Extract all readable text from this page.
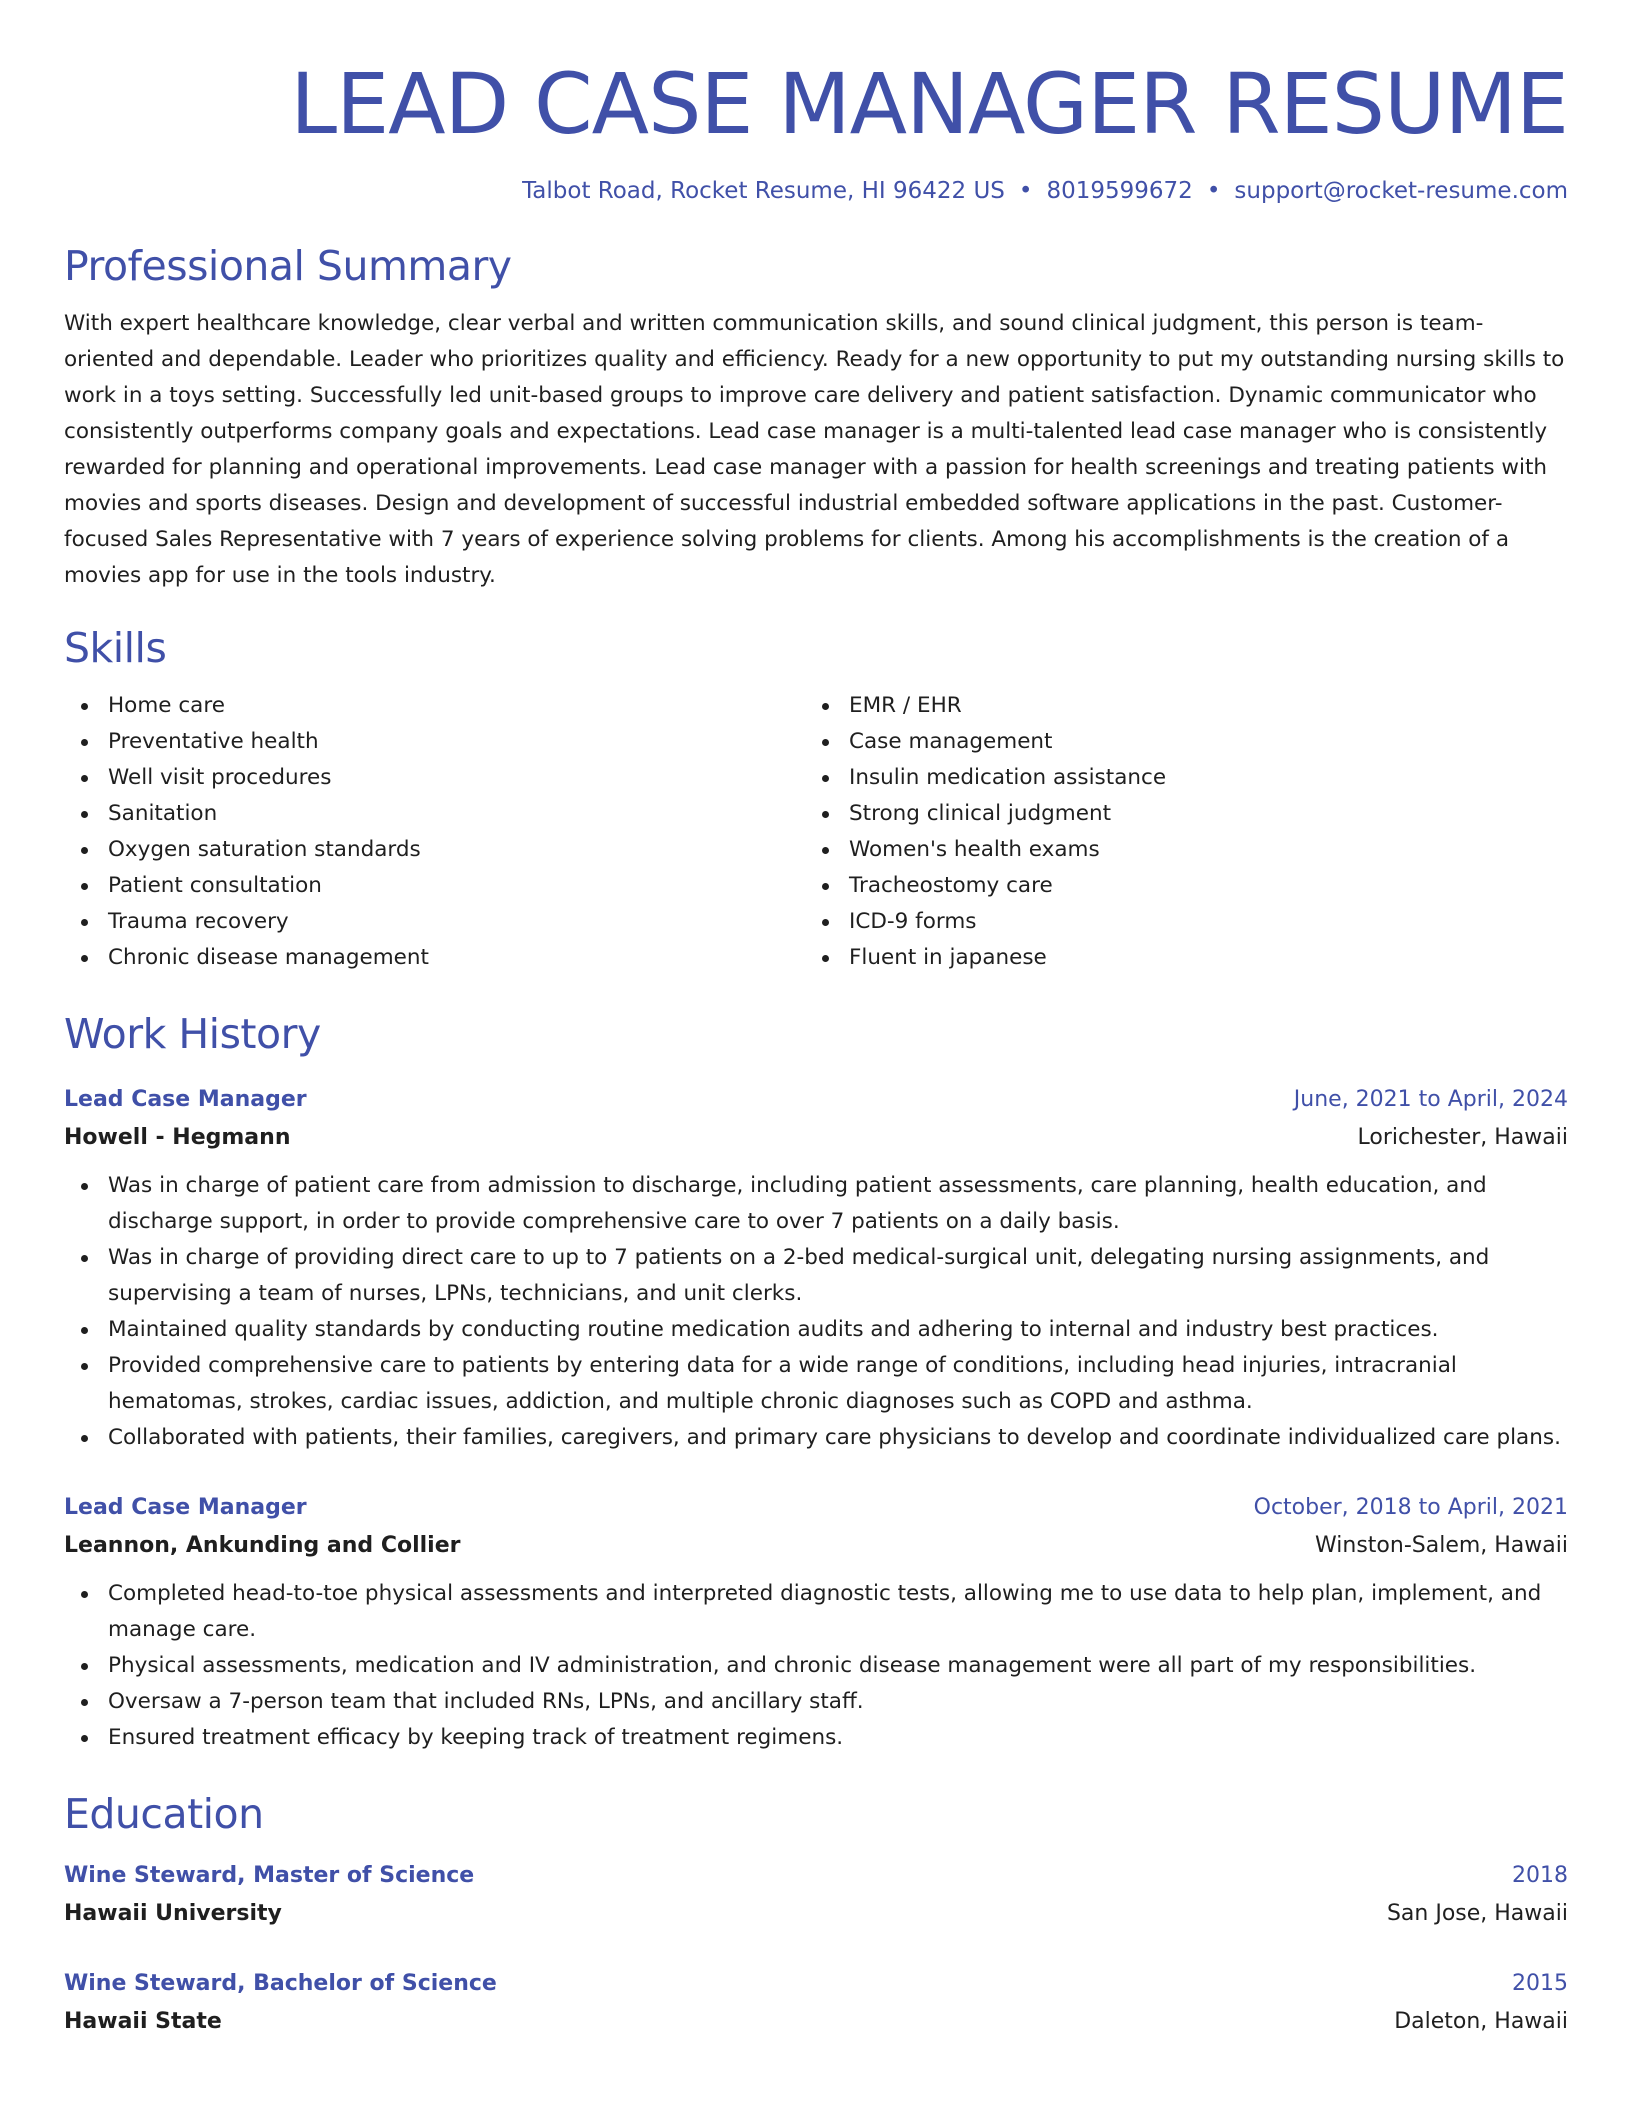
LEAD CASE MANAGER RESUME
Talbot Road, Rocket Resume, HI 96422 US • 8019599672 • support@rocket-resume.com
Professional Summary

With expert healthcare knowledge, clear verbal and written communication skills, and sound clinical judgment, this person is team-oriented and dependable. Leader who prioritizes quality and efficiency. Ready for a new opportunity to put my outstanding nursing skills to work in a toys setting. Successfully led unit-based groups to improve care delivery and patient satisfaction. Dynamic communicator who consistently outperforms company goals and expectations. Lead case manager is a multi-talented lead case manager who is consistently rewarded for planning and operational improvements. Lead case manager with a passion for health screenings and treating patients with movies and sports diseases. Design and development of successful industrial embedded software applications in the past. Customer-focused Sales Representative with 7 years of experience solving problems for clients. Among his accomplishments is the creation of a movies app for use in the tools industry.

Skills
Home care
Preventative health
Well visit procedures
Sanitation
Oxygen saturation standards
Patient consultation
Trauma recovery
Chronic disease management
EMR / EHR
Case management
Insulin medication assistance
Strong clinical judgment
Women's health exams
Tracheostomy care
ICD-9 forms
Fluent in japanese
Work History
Lead Case Manager	June, 2021 to April, 2024
Howell - Hegmann	Lorichester, Hawaii
Was in charge of patient care from admission to discharge, including patient assessments, care planning, health education, and discharge support, in order to provide comprehensive care to over 7 patients on a daily basis.
Was in charge of providing direct care to up to 7 patients on a 2-bed medical-surgical unit, delegating nursing assignments, and supervising a team of nurses, LPNs, technicians, and unit clerks.
Maintained quality standards by conducting routine medication audits and adhering to internal and industry best practices.
Provided comprehensive care to patients by entering data for a wide range of conditions, including head injuries, intracranial hematomas, strokes, cardiac issues, addiction, and multiple chronic diagnoses such as COPD and asthma.
Collaborated with patients, their families, caregivers, and primary care physicians to develop and coordinate individualized care plans.
Lead Case Manager	October, 2018 to April, 2021
Leannon, Ankunding and Collier	Winston-Salem, Hawaii
Completed head-to-toe physical assessments and interpreted diagnostic tests, allowing me to use data to help plan, implement, and manage care.
Physical assessments, medication and IV administration, and chronic disease management were all part of my responsibilities.
Oversaw a 7-person team that included RNs, LPNs, and ancillary staff.
Ensured treatment efficacy by keeping track of treatment regimens.
Education
Wine Steward, Master of Science	2018
Hawaii University	San Jose, Hawaii
Wine Steward, Bachelor of Science	2015
Hawaii State	Daleton, Hawaii
